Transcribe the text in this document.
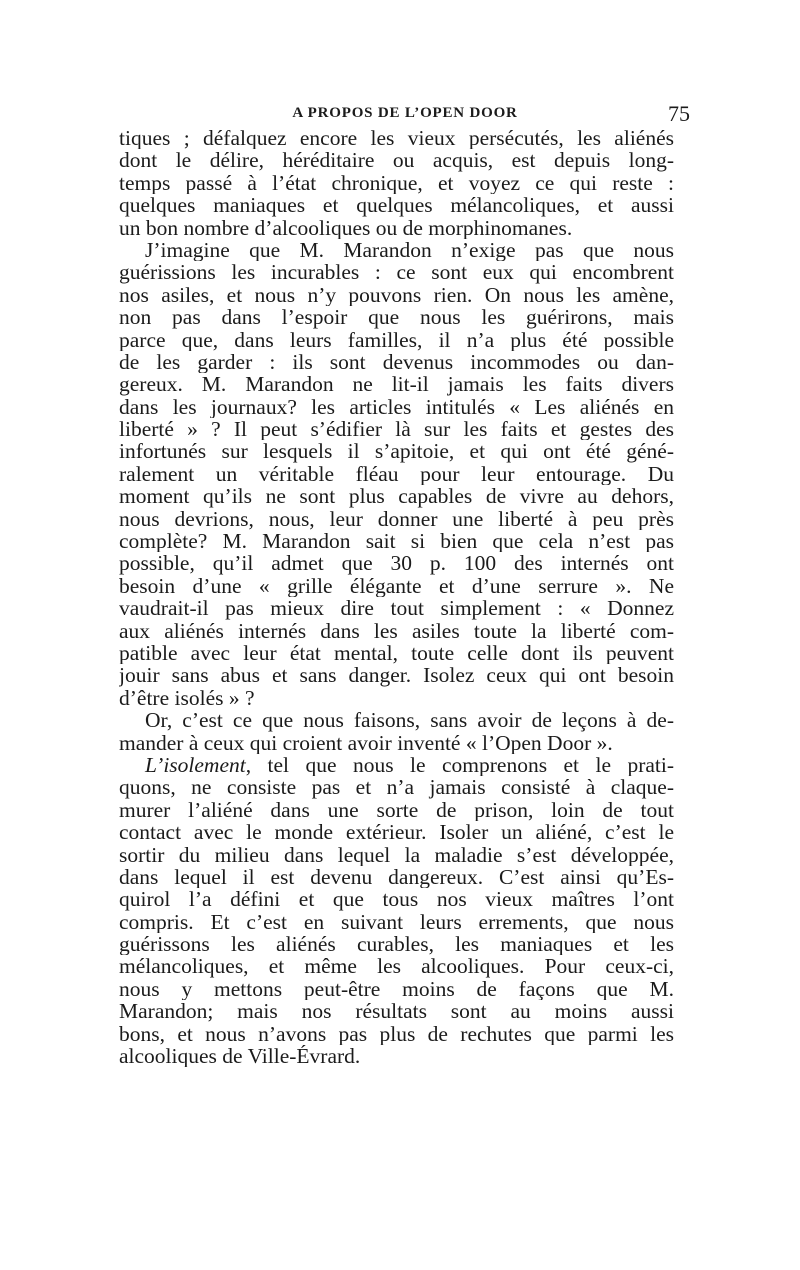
A PROPOS DE L’OPEN DOOR	75
tiques ; défalquez encore les vieux persécutés, les aliénés
dont le délire, héréditaire ou acquis, est depuis long-
temps passé à l’état chronique, et voyez ce qui reste :
quelques maniaques et quelques mélancoliques, et aussi
un bon nombre d’alcooliques ou de morphinomanes.
J’imagine que M. Marandon n’exige pas que nous
guérissions les incurables : ce sont eux qui encombrent
nos asiles, et nous n’y pouvons rien. On nous les amène,
non pas dans l’espoir que nous les guérirons, mais
parce que, dans leurs familles, il n’a plus été possible
de les garder : ils sont devenus incommodes ou dan-
gereux. M. Marandon ne lit-il jamais les faits divers
dans les journaux? les articles intitulés « Les aliénés en
liberté » ? Il peut s’édifier là sur les faits et gestes des
infortunés sur lesquels il s’apitoie, et qui ont été géné-
ralement un véritable fléau pour leur entourage. Du
moment qu’ils ne sont plus capables de vivre au dehors,
nous devrions, nous, leur donner une liberté à peu près
complète? M. Marandon sait si bien que cela n’est pas
possible, qu’il admet que 30 p. 100 des internés ont
besoin d’une « grille élégante et d’une serrure ». Ne
vaudrait-il pas mieux dire tout simplement : « Donnez
aux aliénés internés dans les asiles toute la liberté com-
patible avec leur état mental, toute celle dont ils peuvent
jouir sans abus et sans danger. Isolez ceux qui ont besoin
d’être isolés » ?
Or, c’est ce que nous faisons, sans avoir de leçons à de-
mander à ceux qui croient avoir inventé « l’Open Door ».
L’isolement, tel que nous le comprenons et le prati-
quons, ne consiste pas et n’a jamais consisté à claque-
murer l’aliéné dans une sorte de prison, loin de tout
contact avec le monde extérieur. Isoler un aliéné, c’est le
sortir du milieu dans lequel la maladie s’est développée,
dans lequel il est devenu dangereux. C’est ainsi qu’Es-
quirol l’a défini et que tous nos vieux maîtres l’ont
compris. Et c’est en suivant leurs errements, que nous
guérissons les aliénés curables, les maniaques et les
mélancoliques, et même les alcooliques. Pour ceux-ci,
nous y mettons peut-être moins de façons que M.
Marandon; mais nos résultats sont au moins aussi
bons, et nous n’avons pas plus de rechutes que parmi les
alcooliques de Ville-Évrard.
